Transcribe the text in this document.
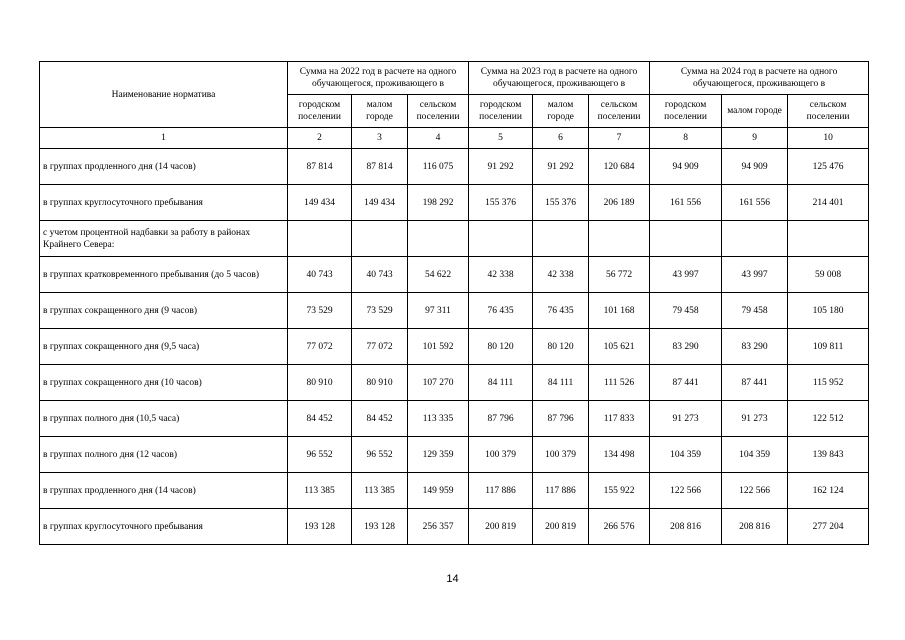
Наименование норматива	Сумма на 2022 год в расчете на одного обучающегося, проживающего в			Сумма на 2023 год в расчете на одного обучающегося, проживающего в			Сумма на 2024 год в расчете на одного обучающегося, проживающего в		
	городском поселении	малом городе	сельском поселении	городском поселении	малом городе	сельском поселении	городском поселении	малом городе	сельском поселении
1	2	3	4	5	6	7	8	9	10
в группах продленного дня (14 часов)	87 814	87 814	116 075	91 292	91 292	120 684	94 909	94 909	125 476
в группах круглосуточного пребывания	149 434	149 434	198 292	155 376	155 376	206 189	161 556	161 556	214 401
с учетом процентной надбавки за работу в районах Крайнего Севера:									
в группах кратковременного пребывания (до 5 часов)	40 743	40 743	54 622	42 338	42 338	56 772	43 997	43 997	59 008
в группах сокращенного дня (9 часов)	73 529	73 529	97 311	76 435	76 435	101 168	79 458	79 458	105 180
в группах сокращенного дня (9,5 часа)	77 072	77 072	101 592	80 120	80 120	105 621	83 290	83 290	109 811
в группах сокращенного дня (10 часов)	80 910	80 910	107 270	84 111	84 111	111 526	87 441	87 441	115 952
в группах полного дня (10,5 часа)	84 452	84 452	113 335	87 796	87 796	117 833	91 273	91 273	122 512
в группах полного дня (12 часов)	96 552	96 552	129 359	100 379	100 379	134 498	104 359	104 359	139 843
в группах продленного дня (14 часов)	113 385	113 385	149 959	117 886	117 886	155 922	122 566	122 566	162 124
в группах круглосуточного пребывания	193 128	193 128	256 357	200 819	200 819	266 576	208 816	208 816	277 204
14
